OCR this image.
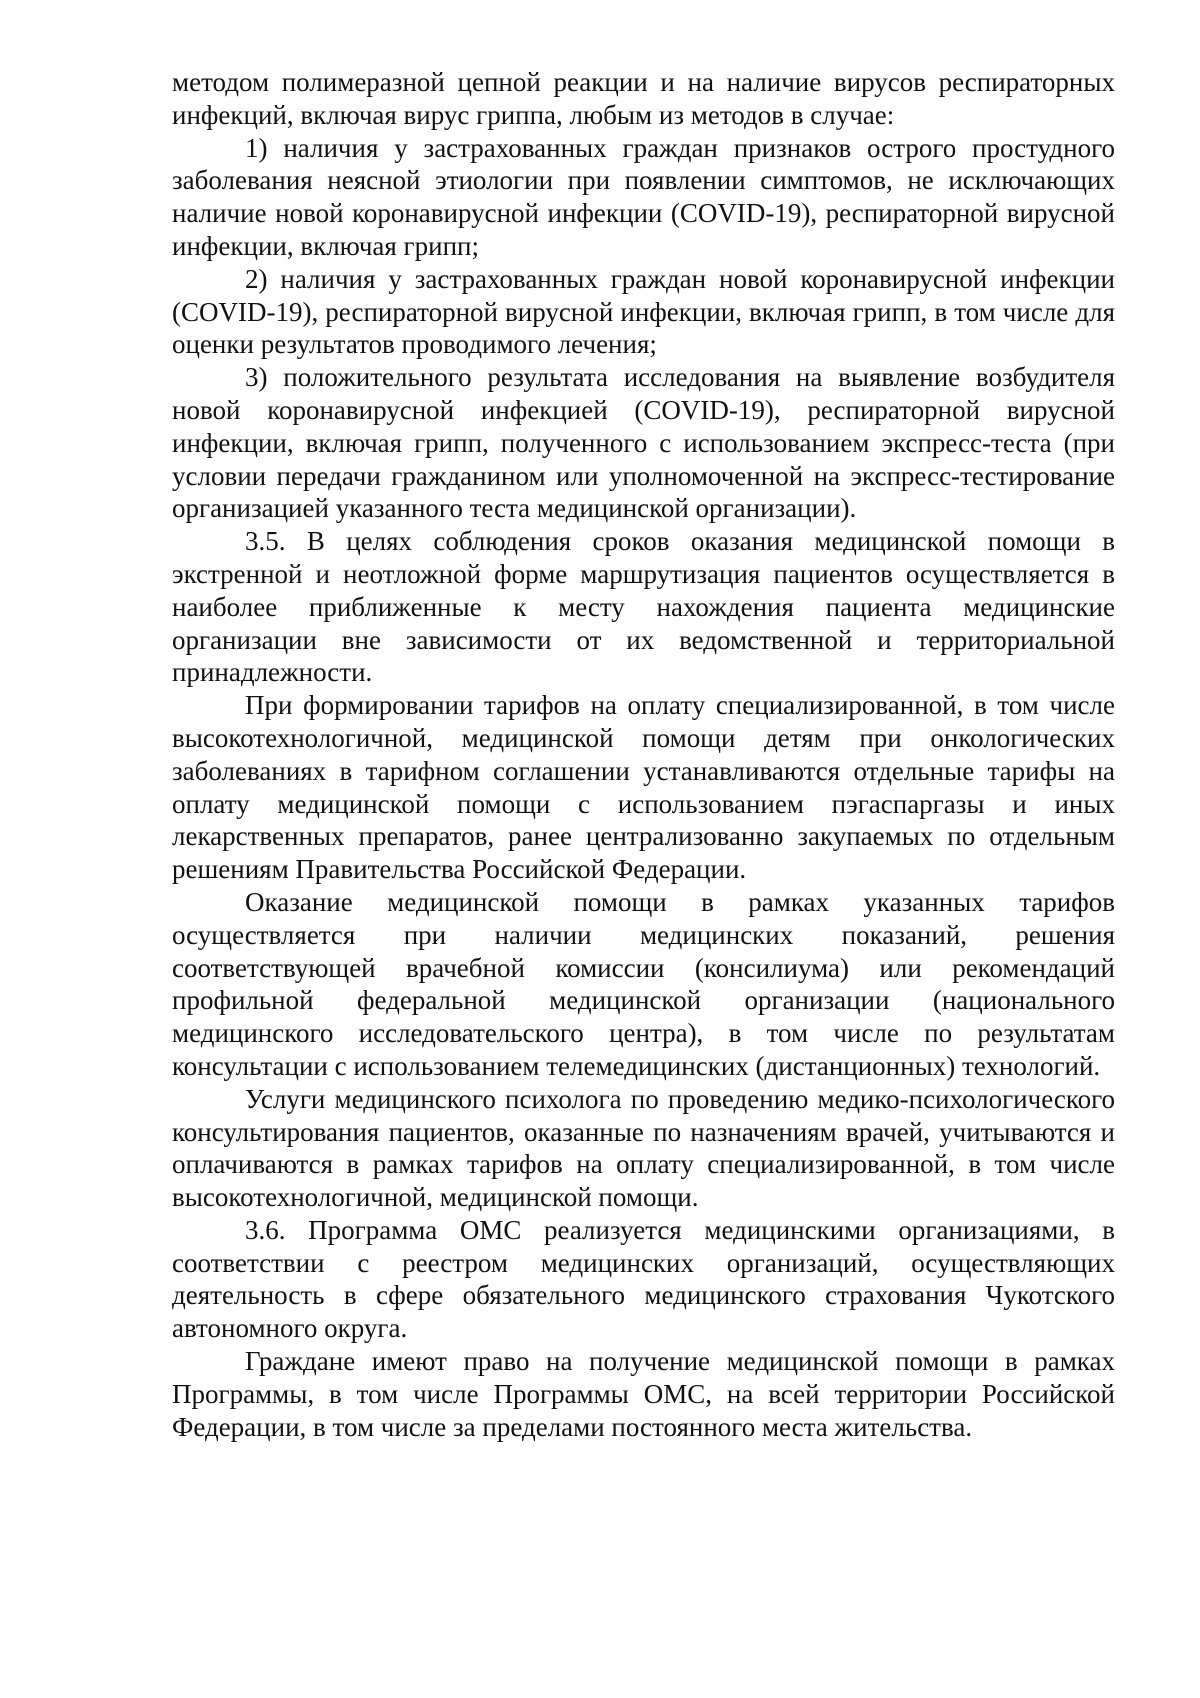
методом полимеразной цепной реакции и на наличие вирусов респираторных инфекций, включая вирус гриппа, любым из методов в случае:

1) наличия у застрахованных граждан признаков острого простудного заболевания неясной этиологии при появлении симптомов, не исключающих наличие новой коронавирусной инфекции (COVID-19), респираторной вирусной инфекции, включая грипп;

2) наличия у застрахованных граждан новой коронавирусной инфекции (COVID-19), респираторной вирусной инфекции, включая грипп, в том числе для оценки результатов проводимого лечения;

3) положительного результата исследования на выявление возбудителя новой коронавирусной инфекцией (COVID-19), респираторной вирусной инфекции, включая грипп, полученного с использованием экспресс-теста (при условии передачи гражданином или уполномоченной на экспресс-тестирование организацией указанного теста медицинской организации).

3.5. В целях соблюдения сроков оказания медицинской помощи в экстренной и неотложной форме маршрутизация пациентов осуществляется в наиболее приближенные к месту нахождения пациента медицинские организации вне зависимости от их ведомственной и территориальной принадлежности.

При формировании тарифов на оплату специализированной, в том числе высокотехнологичной, медицинской помощи детям при онкологических заболеваниях в тарифном соглашении устанавливаются отдельные тарифы на оплату медицинской помощи с использованием пэгаспаргазы и иных лекарственных препаратов, ранее централизованно закупаемых по отдельным решениям Правительства Российской Федерации.

Оказание медицинской помощи в рамках указанных тарифов осуществляется при наличии медицинских показаний, решения соответствующей врачебной комиссии (консилиума) или рекомендаций профильной федеральной медицинской организации (национального медицинского исследовательского центра), в том числе по результатам консультации с использованием телемедицинских (дистанционных) технологий.

Услуги медицинского психолога по проведению медико-психологического консультирования пациентов, оказанные по назначениям врачей, учитываются и оплачиваются в рамках тарифов на оплату специализированной, в том числе высокотехнологичной, медицинской помощи.

3.6. Программа ОМС реализуется медицинскими организациями, в соответствии с реестром медицинских организаций, осуществляющих деятельность в сфере обязательного медицинского страхования Чукотского автономного округа.

Граждане имеют право на получение медицинской помощи в рамках Программы, в том числе Программы ОМС, на всей территории Российской Федерации, в том числе за пределами постоянного места жительства.
